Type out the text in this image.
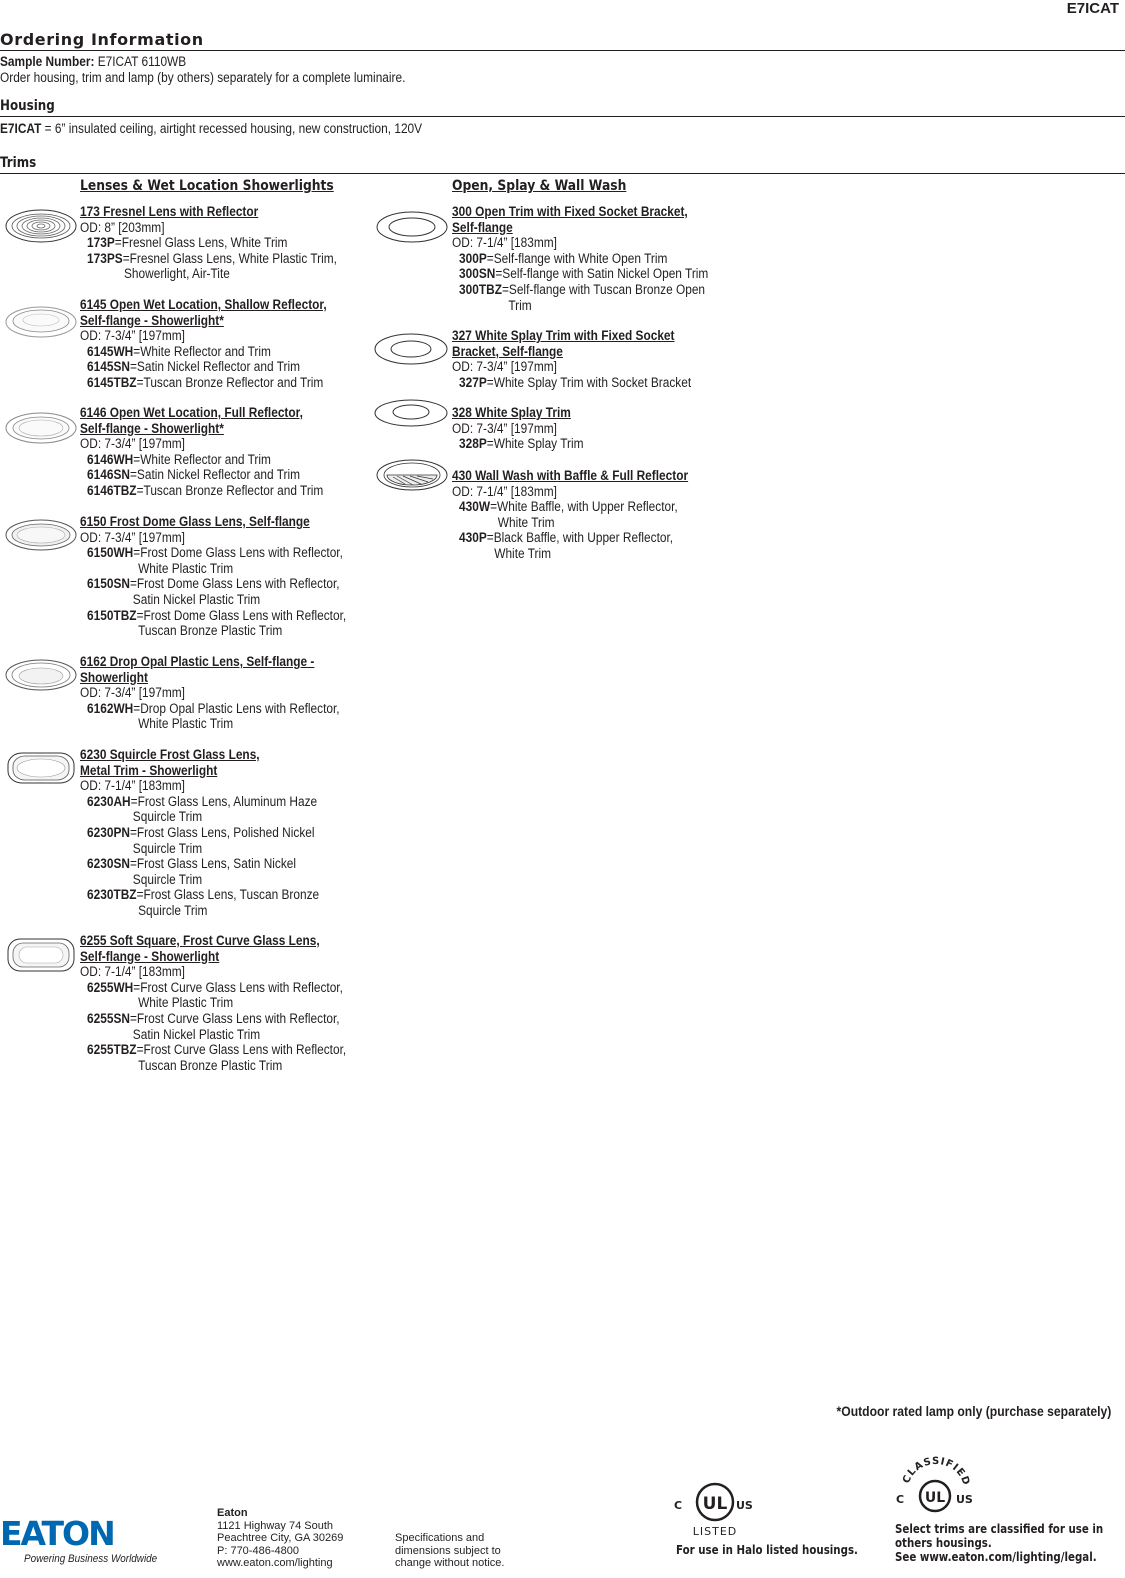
E7ICAT
Ordering Information
Sample Number: E7ICAT 6110WB
Order housing, trim and lamp (by others) separately for a complete luminaire.
Housing
E7ICAT = 6” insulated ceiling, airtight recessed housing, new construction, 120V
Trims
Lenses & Wet Location Showerlights	Open, Splay & Wall Wash
173 Fresnel Lens with Reflector
OD: 8” [203mm]
173P=Fresnel Glass Lens, White Trim
173PS=Fresnel Glass Lens, White Plastic Trim,
Showerlight, Air-Tite
6145 Open Wet Location, Shallow Reflector,
Self-flange - Showerlight*
OD: 7-3/4” [197mm]
6145WH=White Reflector and Trim
6145SN=Satin Nickel Reflector and Trim
6145TBZ=Tuscan Bronze Reflector and Trim
6146 Open Wet Location, Full Reflector,
Self-flange - Showerlight*
OD: 7-3/4” [197mm]
6146WH=White Reflector and Trim
6146SN=Satin Nickel Reflector and Trim
6146TBZ=Tuscan Bronze Reflector and Trim
6150 Frost Dome Glass Lens, Self-flange
OD: 7-3/4” [197mm]
6150WH=Frost Dome Glass Lens with Reflector,
White Plastic Trim
6150SN=Frost Dome Glass Lens with Reflector,
Satin Nickel Plastic Trim
6150TBZ=Frost Dome Glass Lens with Reflector,
Tuscan Bronze Plastic Trim
6162 Drop Opal Plastic Lens, Self-flange -
Showerlight
OD: 7-3/4” [197mm]
6162WH=Drop Opal Plastic Lens with Reflector,
White Plastic Trim
6230 Squircle Frost Glass Lens,
Metal Trim - Showerlight
OD: 7-1/4” [183mm]
6230AH=Frost Glass Lens, Aluminum Haze
Squircle Trim
6230PN=Frost Glass Lens, Polished Nickel
Squircle Trim
6230SN=Frost Glass Lens, Satin Nickel
Squircle Trim
6230TBZ=Frost Glass Lens, Tuscan Bronze
Squircle Trim
6255 Soft Square, Frost Curve Glass Lens,
Self-flange - Showerlight
OD: 7-1/4” [183mm]
6255WH=Frost Curve Glass Lens with Reflector,
White Plastic Trim
6255SN=Frost Curve Glass Lens with Reflector,
Satin Nickel Plastic Trim
6255TBZ=Frost Curve Glass Lens with Reflector,
Tuscan Bronze Plastic Trim
300 Open Trim with Fixed Socket Bracket,
Self-flange
OD: 7-1/4” [183mm]
300P=Self-flange with White Open Trim
300SN=Self-flange with Satin Nickel Open Trim
300TBZ=Self-flange with Tuscan Bronze Open
Trim
327 White Splay Trim with Fixed Socket
Bracket, Self-flange
OD: 7-3/4” [197mm]
327P=White Splay Trim with Socket Bracket
328 White Splay Trim
OD: 7-3/4” [197mm]
328P=White Splay Trim
430 Wall Wash with Baffle & Full Reflector
OD: 7-1/4” [183mm]
430W=White Baffle, with Upper Reflector,
White Trim
430P=Black Baffle, with Upper Reflector,
White Trim
*Outdoor rated lamp only (purchase separately)
EATON
Powering Business Worldwide
Eaton
1121 Highway 74 South
Peachtree City, GA 30269
P: 770-486-4800
www.eaton.com/lighting
Specifications and
dimensions subject to
change without notice.
UL
C	US
LISTED
For use in Halo listed housings.
CLASSIFIED
UL
C	US
Select trims are classified for use in
others housings.
See www.eaton.com/lighting/legal.
